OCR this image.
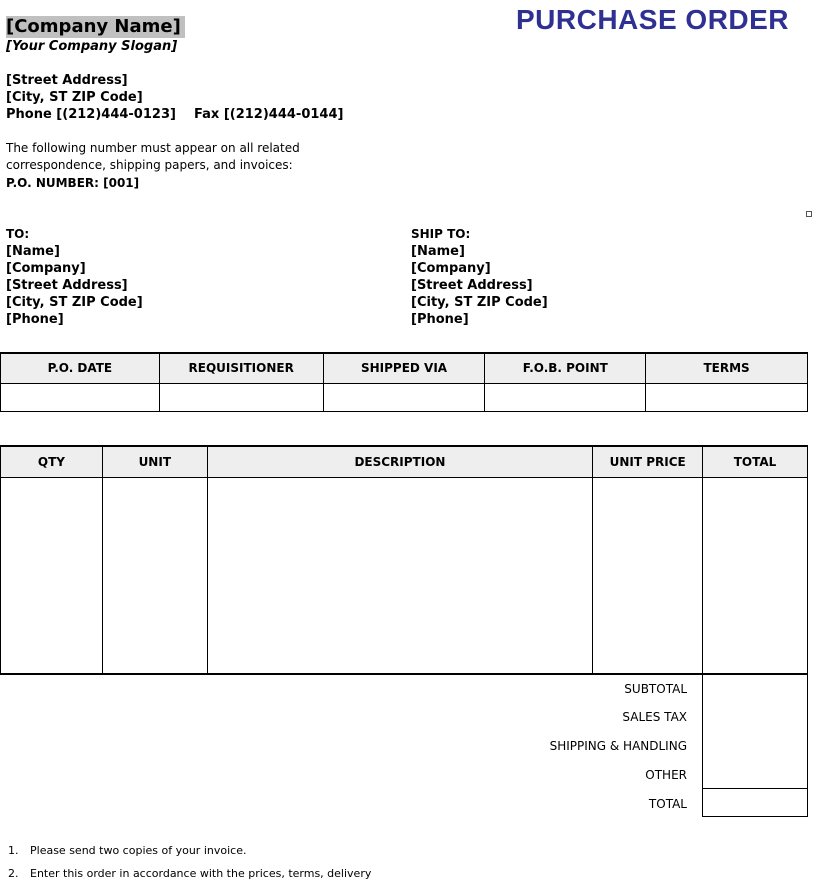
[Company Name]
[Your Company Slogan]
PURCHASE ORDER
[Street Address]
[City, ST ZIP Code]
Phone [(212)444-0123]    Fax [(212)444-0144]
The following number must appear on all related
correspondence, shipping papers, and invoices:
P.O. NUMBER: [001]
TO:
[Name]
[Company]
[Street Address]
[City, ST ZIP Code]
[Phone]
SHIP TO:
[Name]
[Company]
[Street Address]
[City, ST ZIP Code]
[Phone]
P.O. DATE	REQUISITIONER	SHIPPED VIA	F.O.B. POINT	TERMS

QTY	UNIT	DESCRIPTION	UNIT PRICE	TOTAL

SUBTOTAL
SALES TAX
SHIPPING & HANDLING
OTHER
TOTAL
1. Please send two copies of your invoice.
2. Enter this order in accordance with the prices, terms, delivery
